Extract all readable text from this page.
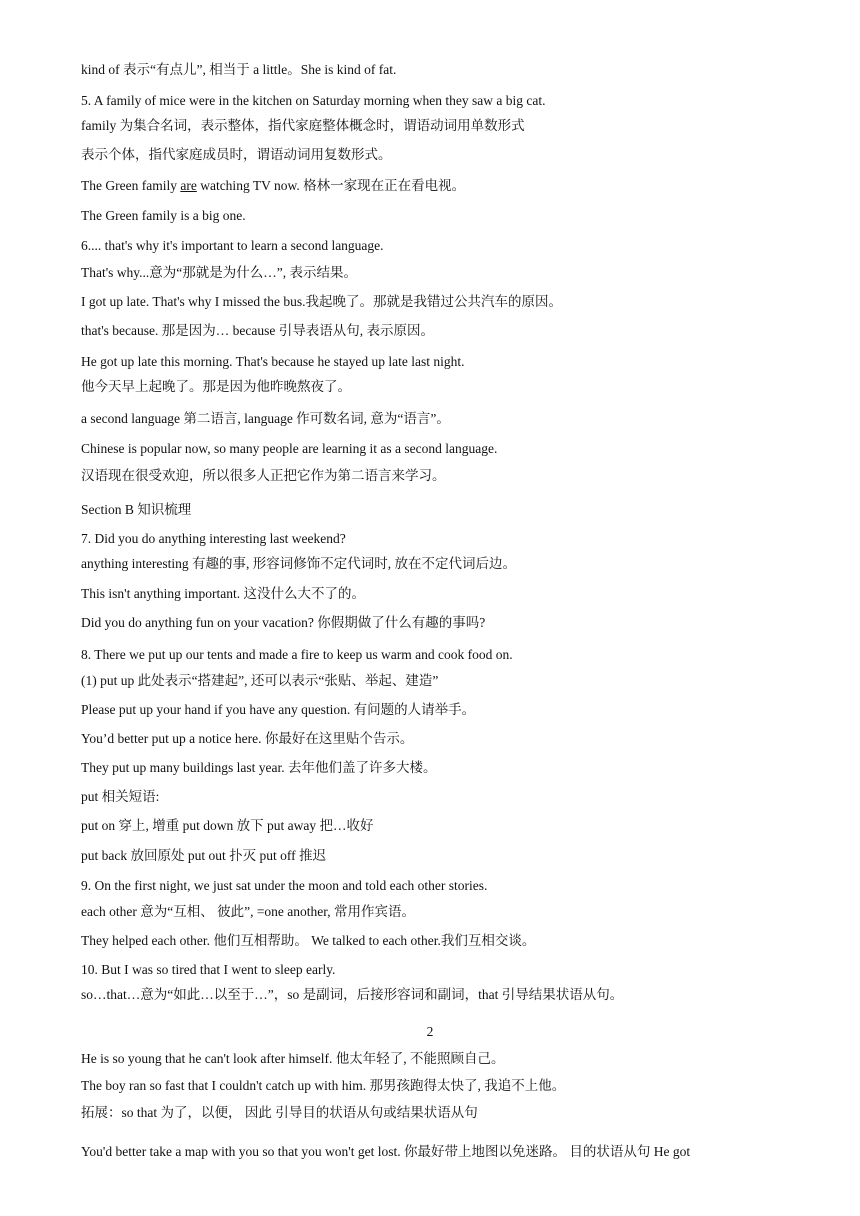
kind of 表示“有点儿”, 相当于 a little。She is kind of fat.
5. A family of mice were in the kitchen on Saturday morning when they saw a big cat.
family 为集合名词，表示整体，指代家庭整体概念时，谓语动词用单数形式
表示个体，指代家庭成员时，谓语动词用复数形式。
The Green family are watching TV now. 格林一家现在正在看电视。
The Green family is a big one.
6.... that's why it's important to learn a second language.
That's why...意为“那就是为什么…”, 表示结果。
I got up late. That's why I missed the bus.我起晚了。那就是我错过公共汽车的原因。
that's because. 那是因为… because 引导表语从句, 表示原因。
He got up late this morning. That's because he stayed up late last night.
他今天早上起晚了。那是因为他昨晚熬夜了。
a second language 第二语言, language 作可数名词, 意为“语言”。
Chinese is popular now, so many people are learning it as a second language.
汉语现在很受欢迎，所以很多人正把它作为第二语言来学习。
Section B 知识梳理
7. Did you do anything interesting last weekend?
anything interesting 有趣的事, 形容词修饰不定代词时, 放在不定代词后边。
This isn't anything important. 这没什么大不了的。
Did you do anything fun on your vacation? 你假期做了什么有趣的事吗?
8. There we put up our tents and made a fire to keep us warm and cook food on.
(1) put up 此处表示“搭建起”, 还可以表示“张贴、举起、建造”
Please put up your hand if you have any question. 有问题的人请举手。
You’d better put up a notice here. 你最好在这里贴个告示。
They put up many buildings last year. 去年他们盖了许多大楼。
put 相关短语:
put on 穿上, 增重 put down 放下 put away 把…收好
put back 放回原处 put out 扑灭 put off 推迟
9. On the first night, we just sat under the moon and told each other stories.
each other 意为“互相、 彼此”, =one another, 常用作宾语。
They helped each other. 他们互相帮助。 We talked to each other.我们互相交谈。
10. But I was so tired that I went to sleep early.
so…that…意为“如此…以至于…”，so 是副词，后接形容词和副词，that 引导结果状语从句。
2
He is so young that he can't look after himself. 他太年轻了, 不能照顾自己。
The boy ran so fast that I couldn't catch up with him. 那男孩跑得太快了, 我追不上他。
拓展：so that 为了，以便， 因此 引导目的状语从句或结果状语从句
You'd better take a map with you so that you won't get lost. 你最好带上地图以免迷路。 目的状语从句 He got
